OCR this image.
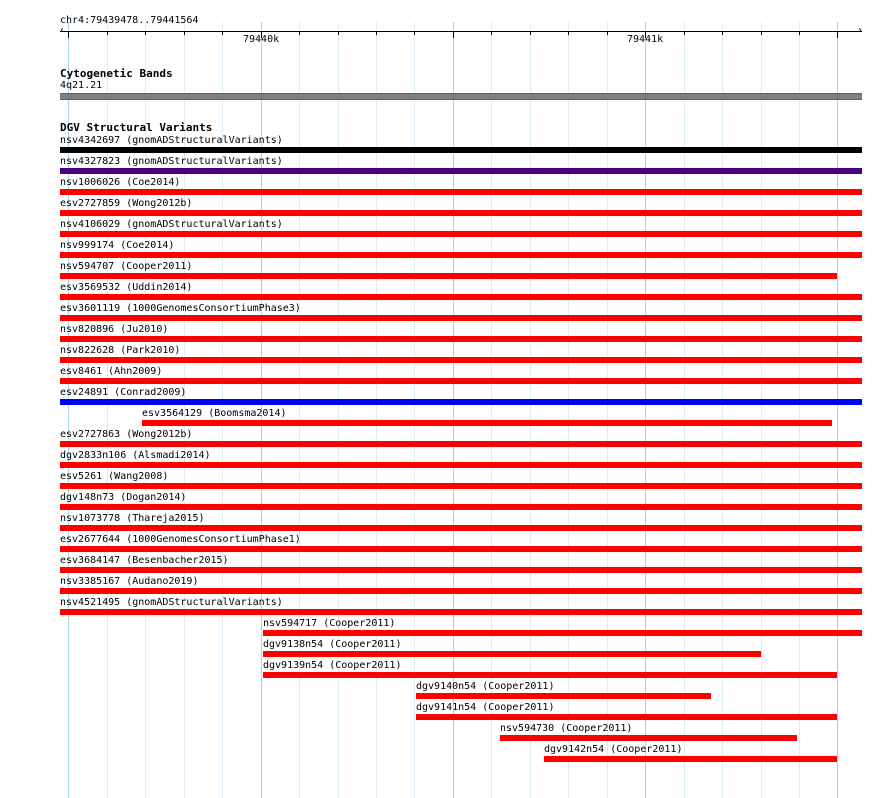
chr4:79439478..79441564
‹	›
79440k	79441k
Cytogenetic Bands
4q21.21
DGV Structural Variants
nsv4342697 (gnomADStructuralVariants)
nsv4327823 (gnomADStructuralVariants)
nsv1006026 (Coe2014)
esv2727859 (Wong2012b)
nsv4106029 (gnomADStructuralVariants)
nsv999174 (Coe2014)
nsv594707 (Cooper2011)
esv3569532 (Uddin2014)
esv3601119 (1000GenomesConsortiumPhase3)
nsv820896 (Ju2010)
nsv822628 (Park2010)
esv8461 (Ahn2009)
esv24891 (Conrad2009)
esv3564129 (Boomsma2014)
esv2727863 (Wong2012b)
dgv2833n106 (Alsmadi2014)
esv5261 (Wang2008)
dgv148n73 (Dogan2014)
nsv1073778 (Thareja2015)
esv2677644 (1000GenomesConsortiumPhase1)
esv3684147 (Besenbacher2015)
nsv3385167 (Audano2019)
nsv4521495 (gnomADStructuralVariants)
nsv594717 (Cooper2011)
dgv9138n54 (Cooper2011)
dgv9139n54 (Cooper2011)
dgv9140n54 (Cooper2011)
dgv9141n54 (Cooper2011)
nsv594730 (Cooper2011)
dgv9142n54 (Cooper2011)
